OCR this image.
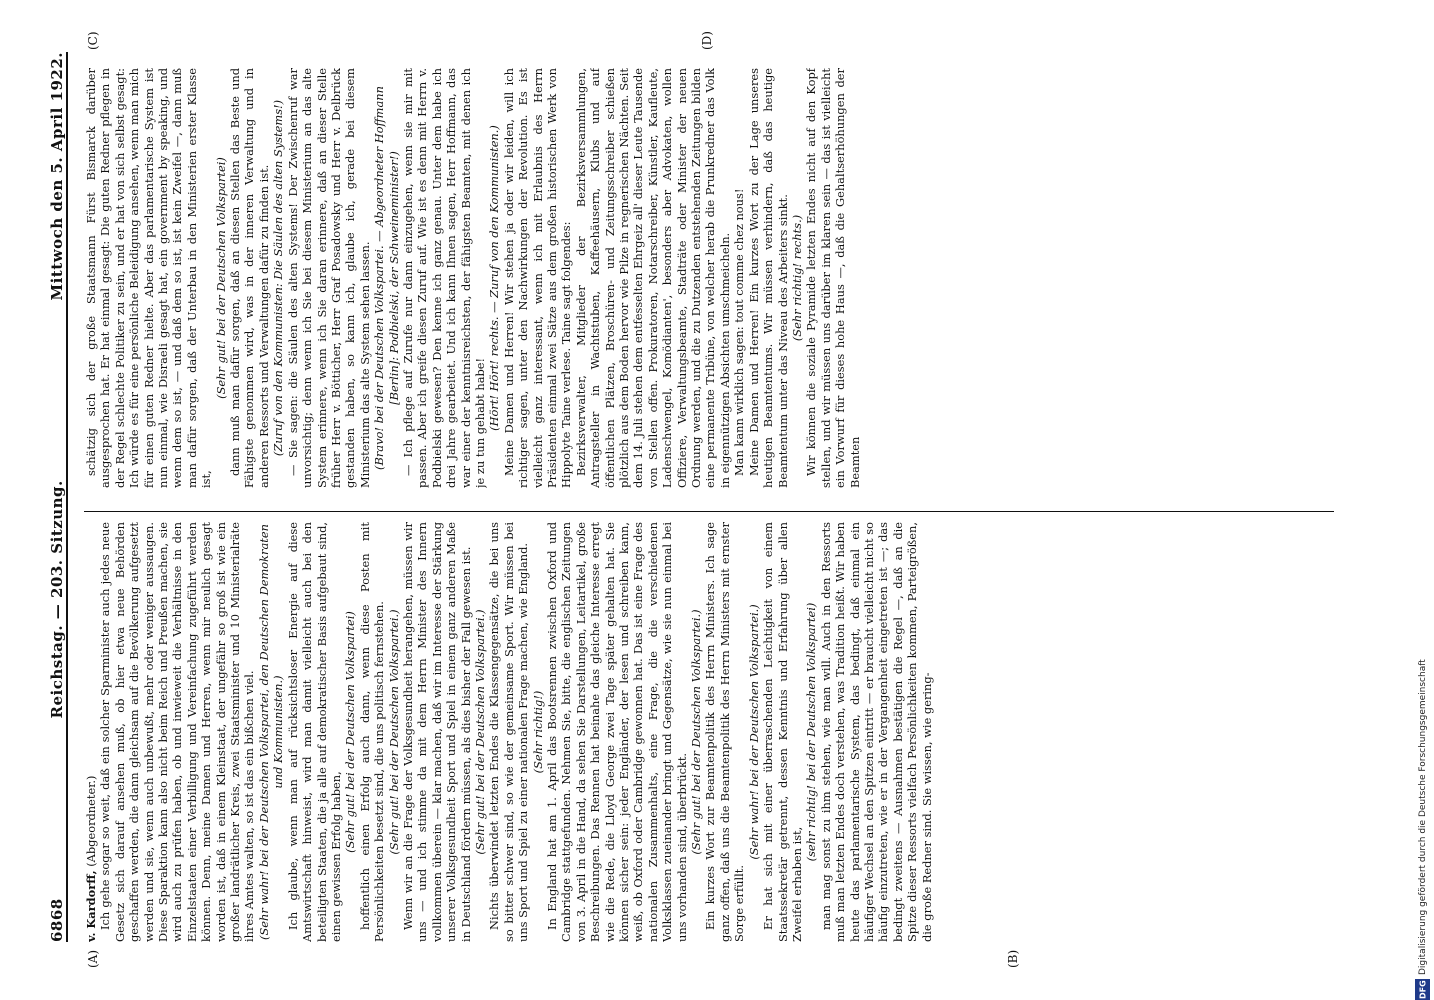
6868
Reichstag. — 203. Sitzung.
Mittwoch den 5. April 1922.

v. Kardorff, (Abgeordneter.) Ich gehe sogar so weit, daß ein solcher Sparminister auch jedes neue Gesetz sich darauf ansehen muß, ob hier etwa neue Behörden geschaffen werden, die dann gleichsam auf die Bevölkerung aufgesetzt werden und sie, wenn auch unbewußt, mehr oder weniger aussaugen. Diese Sparaktion kann also nicht beim Reich und Preußen machen, sie wird auch zu prüfen haben, ob und inwieweit die Verhältnisse in den Einzelstaaten einer Verbilligung und Vereinfachung zugeführt werden können. Denn, meine Damen und Herren, wenn mir neulich gesagt worden ist, daß in einem Kleinstaat, der ungefähr so groß ist wie ein großer landrätlicher Kreis, zwei Staatsminister und 10 Ministerialräte ihres Amtes walten, so ist das ein bißchen viel. (Sehr wahr! bei der Deutschen Volkspartei, den Deutschen Demokraten und Kommunisten.) Ich glaube, wenn man auf rücksichtsloser Energie auf diese Amtswirtschaft hinweist, wird man damit vielleicht auch bei den beteiligten Staaten, die ja alle auf demokratischer Basis aufgebaut sind, einen gewissen Erfolg haben,

(Sehr gut! bei der Deutschen Volkspartei) hoffentlich einen Erfolg auch dann, wenn diese Posten mit Persönlichkeiten besetzt sind, die uns politisch fernstehen. (Sehr gut! bei der Deutschen Volkspartei.) Wenn wir an die Frage der Volksgesundheit herangehen, müssen wir uns — und ich stimme da mit dem Herrn Minister des Innern vollkommen überein — klar machen, daß wir im Interesse der Stärkung unserer Volksgesundheit Sport und Spiel in einem ganz anderen Maße in Deutschland fördern müssen, als dies bisher der Fall gewesen ist. (Sehr gut! bei der Deutschen Volkspartei.) Nichts überwindet letzten Endes die Klassengegensätze, die bei uns so bitter schwer sind, so wie der gemeinsame Sport. Wir müssen bei uns Sport und Spiel zu einer nationalen Frage machen, wie England. (Sehr richtig!) In England hat am 1. April das Bootsrennen zwischen Oxford und Cambridge stattgefunden. Nehmen Sie, bitte, die englischen Zeitungen von 3. April in die Hand, da sehen Sie Darstellungen, Leitartikel, große Beschreibungen. Das Rennen hat beinahe das gleiche Interesse erregt wie die Rede, die Lloyd George zwei Tage später gehalten hat. Sie können sicher sein: jeder Engländer, der lesen und schreiben kann, weiß, ob Oxford oder Cambridge gewonnen hat. Das ist eine Frage des nationalen Zusammenhalts, eine Frage, die die verschiedenen Volksklassen zueinander bringt und Gegensätze, wie sie nun einmal bei uns vorhanden sind, überbrückt. (Sehr gut! bei der Deutschen Volkspartei.) Ein kurzes Wort zur Beamtenpolitik des Herrn Ministers. Ich sage ganz offen, daß uns die Beamtenpolitik des Herrn Ministers mit ernster Sorge erfüllt.

(Sehr wahr! bei der Deutschen Volkspartei.) Er hat sich mit einer überraschenden Leichtigkeit von einem Staatssekretär getrennt, dessen Kenntnis und Erfahrung über allen Zweifel erhaben ist,

(sehr richtig! bei der Deutschen Volkspartei) man mag sonst zu ihm stehen, wie man will. Auch in den Ressorts muß man letzten Endes doch verstehen, was Tradition heißt. Wir haben heute das parlamentarische System, das bedingt, daß einmal ein häufiger Wechsel an den Spitzen eintritt — er braucht vielleicht nicht so häufig einzutreten, wie er in der Vergangenheit eingetreten ist —; das bedingt zweitens — Ausnahmen bestätigen die Regel —, daß an die Spitze dieser Ressorts vielfach Persönlichkeiten kommen, Parteigrößen, die große Redner sind. Sie wissen, wie gering-

schätzig sich der große Staatsmann Fürst Bismarck darüber ausgesprochen hat. Er hat einmal gesagt: Die guten Redner pflegen in der Regel schlechte Politiker zu sein, und er hat von sich selbst gesagt: Ich würde es für eine persönliche Beleidigung ansehen, wenn man mich für einen guten Redner hielte. Aber das parlamentarische System ist nun einmal, wie Disraeli gesagt hat, ein government by speaking, und wenn dem so ist, — und daß dem so ist, ist kein Zweifel —, dann muß man dafür sorgen, daß der Unterbau in den Ministerien erster Klasse ist,

(Sehr gut! bei der Deutschen Volkspartei) dann muß man dafür sorgen, daß an diesen Stellen das Beste und Fähigste genommen wird, was in der inneren Verwaltung und in anderen Ressorts und Verwaltungen dafür zu finden ist. (Zuruf von den Kommunisten: Die Säulen des alten Systems!) — Sie sagen: die Säulen des alten Systems! Der Zwischenruf war unvorsichtig; denn wenn ich Sie bei diesem Ministerium an das alte System erinnere, wenn ich Sie daran erinnere, daß an dieser Stelle früher Herr v. Bötticher, Herr Graf Posadowsky und Herr v. Delbrück gestanden haben, so kann ich, glaube ich, gerade bei diesem Ministerium das alte System sehen lassen. (Bravo! bei der Deutschen Volkspartei. — Abgeordneter Hoffmann [Berlin]: Podbielski, der Schweineminister!) — Ich pflege auf Zurufe nur dann einzugehen, wenn sie mir mit passen. Aber ich greife diesen Zuruf auf. Wie ist es denn mit Herrn v. Podbielski gewesen? Den kenne ich ganz genau. Unter dem habe ich drei Jahre gearbeitet. Und ich kann Ihnen sagen, Herr Hoffmann, das war einer der kenntnisreichsten, der fähigsten Beamten, mit denen ich je zu tun gehabt habe! (Hört! Hört! rechts. — Zuruf von den Kommunisten.) Meine Damen und Herren! Wir stehen ja oder wir leiden, will ich richtiger sagen, unter den Nachwirkungen der Revolution. Es ist vielleicht ganz interessant, wenn ich mit Erlaubnis des Herrn Präsidenten einmal zwei Sätze aus dem großen historischen Werk von Hippolyte Taine verlese. Taine sagt folgendes: Bezirksverwalter, Mitglieder der Bezirksversammlungen, Antragsteller in Wachtstuben, Kaffeehäusern, Klubs und auf öffentlichen Plätzen, Broschüren- und Zeitungsschreiber schießen plötzlich aus dem Boden hervor wie Pilze in regnerischen Nächten. Seit dem 14. Juli stehen dem entfesselten Ehrgeiz all' dieser Leute Tausende von Stellen offen. Prokuratoren, Notarschreiber, Künstler, Kaufleute, Ladenschwengel, Komödianten', besonders aber Advokaten, wollen Offiziere, Verwaltungsbeamte, Stadträte oder Minister der neuen Ordnung werden, und die zu Dutzenden entstehenden Zeitungen bilden eine permanente Tribüne, von welcher herab die Prunkredner das Volk in eigennützigen Absichten umschmeicheln. Man kann wirklich sagen: tout comme chez nous! Meine Damen und Herren! Ein kurzes Wort zu der Lage unseres heutigen Beamtentums. Wir müssen verhindern, daß das heutige Beamtentum unter das Niveau des Arbeiters sinkt. (Sehr richtig! rechts.) Wir können die soziale Pyramide letzten Endes nicht auf den Kopf stellen, und wir müssen uns darüber im klaren sein — das ist vielleicht ein Vorwurf für dieses hohe Haus —, daß die Gehaltserhöhungen der Beamten

(A)	(B)
(C)	(D)
DFG
Digitalisierung gefördert durch die Deutsche Forschungsgemeinschaft
